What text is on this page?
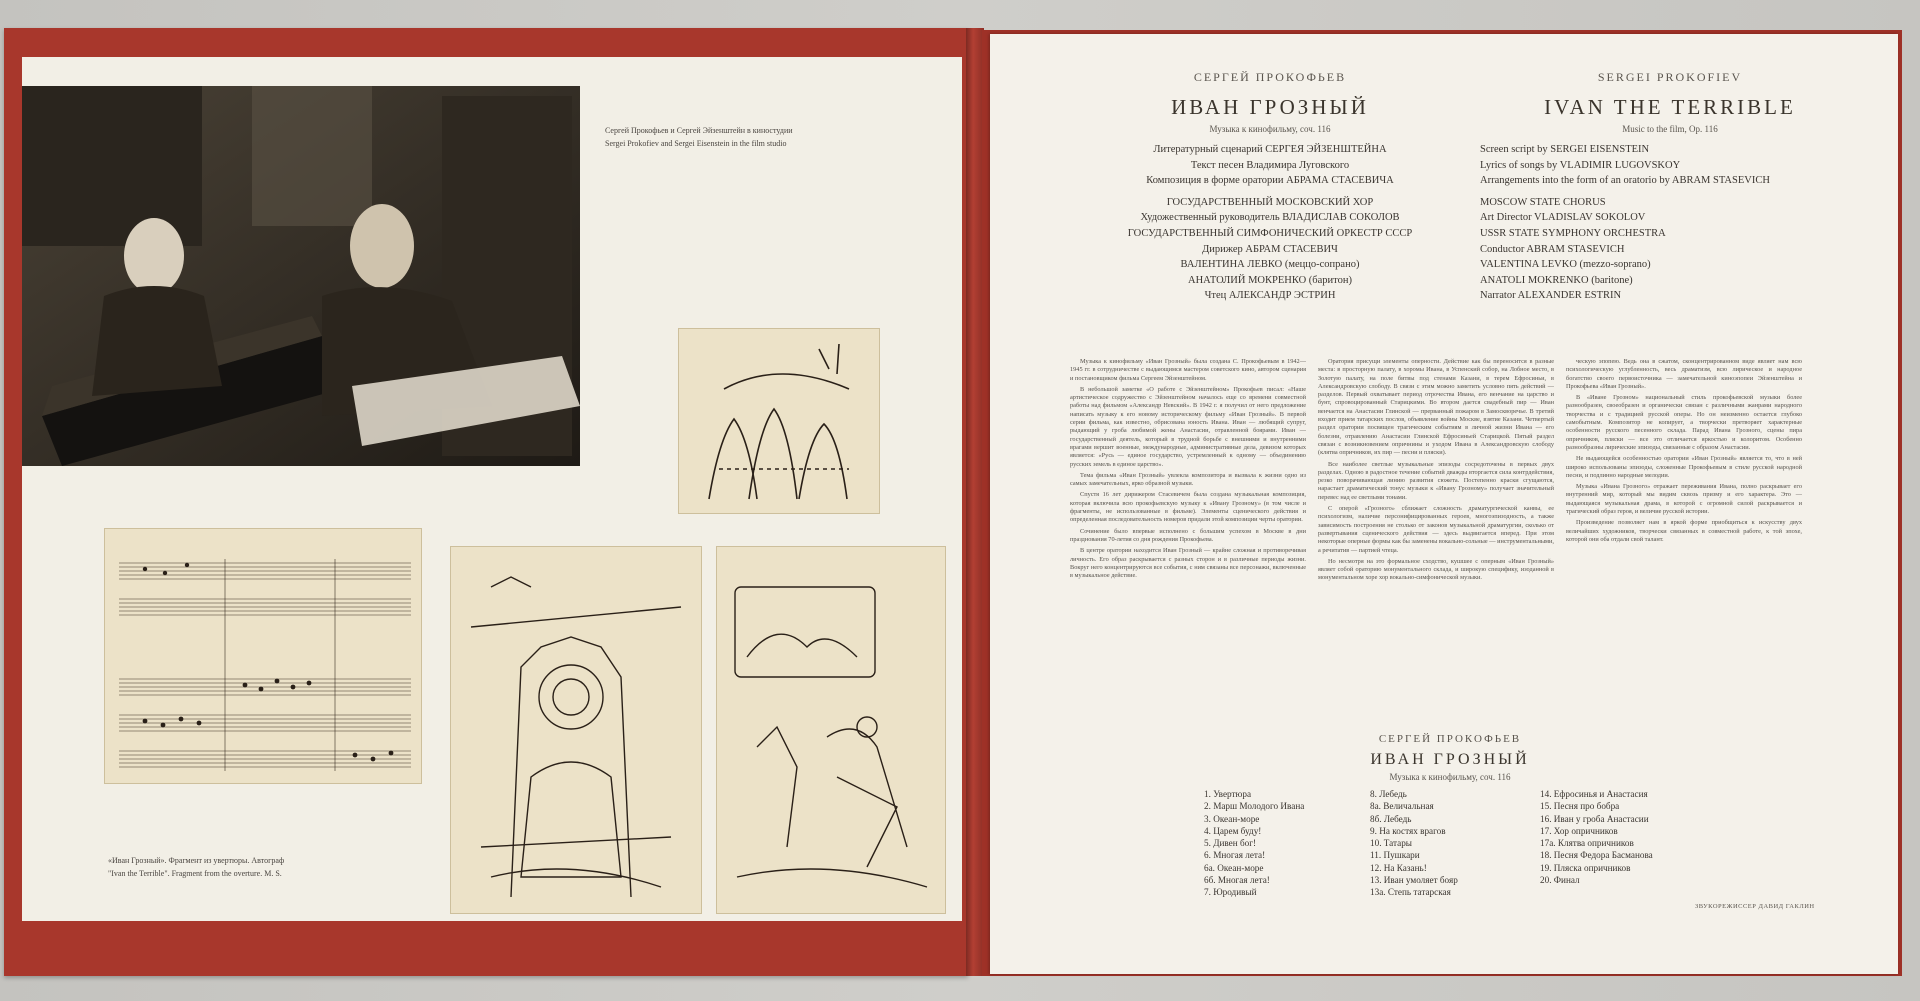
Сергей Прокофьев и Сергей Эйзенштейн в киностудии
Sergei Prokofiev and Sergei Eisenstein in the film studio
«Иван Грозный». Фрагмент из увертюры. Автограф
"Ivan the Terrible". Fragment from the overture. M. S.

СЕРГЕЙ ПРОКОФЬЕВ

ИВАН ГРОЗНЫЙ

Музыка к кинофильму, соч. 116

Литературный сценарий СЕРГЕЯ ЭЙЗЕНШТЕЙНА
Текст песен Владимира Луговского
Композиция в форме оратории АБРАМА СТАСЕВИЧА
ГОСУДАРСТВЕННЫЙ МОСКОВСКИЙ ХОР
Художественный руководитель ВЛАДИСЛАВ СОКОЛОВ
ГОСУДАРСТВЕННЫЙ СИМФОНИЧЕСКИЙ ОРКЕСТР СССР
Дирижер АБРАМ СТАСЕВИЧ
ВАЛЕНТИНА ЛЕВКО (меццо-сопрано)
АНАТОЛИЙ МОКРЕНКО (баритон)
Чтец АЛЕКСАНДР ЭСТРИН

SERGEI PROKOFIEV

IVAN THE TERRIBLE

Music to the film, Op. 116

Screen script by SERGEI EISENSTEIN
Lyrics of songs by VLADIMIR LUGOVSKOY
Arrangements into the form of an oratorio by ABRAM STASEVICH
MOSCOW STATE CHORUS
Art Director VLADISLAV SOKOLOV
USSR STATE SYMPHONY ORCHESTRA
Conductor ABRAM STASEVICH
VALENTINA LEVKO (mezzo-soprano)
ANATOLI MOKRENKO (baritone)
Narrator ALEXANDER ESTRIN

Музыка к кинофильму «Иван Грозный» была создана С. Прокофьевым в 1942—1945 гг. в сотрудничестве с выдающимся мастером советского кино, автором сценария и постановщиком фильма Сергеем Эйзенштейном.

В небольшой заметке «О работе с Эйзенштейном» Прокофьев писал: «Наше артистическое содружество с Эйзенштейном началось еще со времени совместной работы над фильмом «Александр Невский». В 1942 г. я получил от него предложение написать музыку к его новому историческому фильму «Иван Грозный». В первой серии фильма, как известно, обрисована юность Ивана. Иван — любящий супруг, рыдающий у гроба любимой жены Анастасии, отравленной боярами. Иван — государственный деятель, который в трудной борьбе с внешними и внутренними врагами вершит военные, международные, административные дела, девизом которых является: «Русь — единое государство, устремленный к одному — объединению русских земель в единое царство».

Тема фильма «Иван Грозный» увлекла композитора и вызвала к жизни одно из самых замечательных, ярко образной музыки.

Спустя 16 лет дирижером Стасевичем была создана музыкальная композиция, которая включила всю прокофьевскую музыку к «Ивану Грозному» (в том числе и фрагменты, не использованные в фильме). Элементы сценического действия и определенная последовательность номеров придали этой композиции черты оратории.

Сочинение было впервые исполнено с большим успехом в Москве в дни празднования 70-летия со дня рождения Прокофьева.

В центре оратории находится Иван Грозный — крайне сложная и противоречивая личность. Его образ раскрывается с разных сторон и в различные периоды жизни. Вокруг него концентрируются все события, с ним связаны все персонажи, включенные в музыкальное действие.

Оратория присущи элементы оперности. Действие как бы переносится в разные места: в просторную палату, в хоромы Ивана, в Успенский собор, на Лобное место, в Золотую палату, на поле битвы под стенами Казани, в терем Ефросиньи, в Александровскую слободу. В связи с этим можно заметить условно пять действий — разделов. Первый охватывает период отрочества Ивана, его венчание на царство и бунт, спровоцированный Старицкими. Во втором дается свадебный пир — Иван венчается на Анастасии Глинской — прерванный пожаром в Замоскворечье. В третий входит прием татарских послов, объявление войны Москве, взятие Казани. Четвертый раздел оратории посвящен трагическим событиям в личной жизни Ивана — его болезни, отравлению Анастасии Глинской Ефросиньей Старицкой. Пятый раздел связан с возникновением опричнины и уходом Ивана в Александровскую слободу (клятва опричников, их пир — песни и пляски).

Все наиболее светлые музыкальные эпизоды сосредоточены в первых двух разделах. Одною в радостное течение событий дважды вторгается сила контрдействия, резко поворачивающая линию развития сюжета. Постепенно краски сгущаются, нарастает драматический тонус музыки к «Ивану Грозному» получает значительный перевес над ее светлыми тонами.

С оперой «Грозного» сближает сложность драматургической канвы, ее психологизм, наличие персонифицированных героев, многоэпизодность, а также зависимость построения не столько от законов музыкальной драматургии, сколько от развертывания сценического действия — здесь выдвигается вперед. При этом некоторые оперные формы как бы заменены вокально-сольные — инструментальными, а речитатив — партией чтеца.

Но несмотря на это формальное сходство, кушшее с оперным «Иван Грозный» являет собой ораторию монументального склада, и широкую специфику, изоданной в монументальном хоре хор вокально-симфонической музыки.

ческую эпопею. Ведь она в сжатом, сконцентрированном виде являет нам всю психологическую углубленность, весь драматизм, всю лирическое и народное богатство своего первоисточника — замечательной киноэпопеи Эйзенштейна и Прокофьева «Иван Грозный».

В «Иване Грозном» национальный стиль прокофьевской музыки более разнообразен, своеобразен и органически связан с различными жанрами народного творчества и с традицией русской оперы. Но он неизменно остается глубоко самобытным. Композитор не копирует, а творчески претворяет характерные особенности русского песенного склада. Парад Ивана Грозного, сцены пира опричников, пляски — все это отличается яркостью и колоритом. Особенно разнообразны лирические эпизоды, связанные с образом Анастасии.

Не выдающейся особенностью оратории «Иван Грозный» является то, что в ней широко использованы эпизоды, сложенные Прокофьевым в стиле русской народной песни, и подлинно народные мелодии.

Музыка «Ивана Грозного» отражает переживания Ивана, полно раскрывает его внутренний мир, который мы видим сквозь призму и его характера. Это — выдающаяся музыкальная драма, в которой с огромной силой раскрывается и трагический образ героя, и величие русской истории.

Произведение позволяет нам в яркой форме приобщиться к искусству двух величайших художников, творчески связанных в совместной работе, к той эпохе, которой они оба отдали свой талант.

СЕРГЕЙ ПРОКОФЬЕВ

ИВАН ГРОЗНЫЙ

Музыка к кинофильму, соч. 116

1. Увертюра
2. Марш Молодого Ивана
3. Океан-море
4. Царем буду!
5. Дивен бог!
6. Многая лета!
6а. Океан-море
6б. Многая лета!
7. Юродивый
8. Лебедь
8а. Величальная
8б. Лебедь
9. На костях врагов
10. Татары
11. Пушкари
12. На Казань!
13. Иван умоляет бояр
13а. Степь татарская
14. Ефросинья и Анастасия
15. Песня про бобра
16. Иван у гроба Анастасии
17. Хор опричников
17а. Клятва опричников
18. Песня Федора Басманова
19. Пляска опричников
20. Финал
ЗВУКОРЕЖИССЕР ДАВИД ГАКЛИН
